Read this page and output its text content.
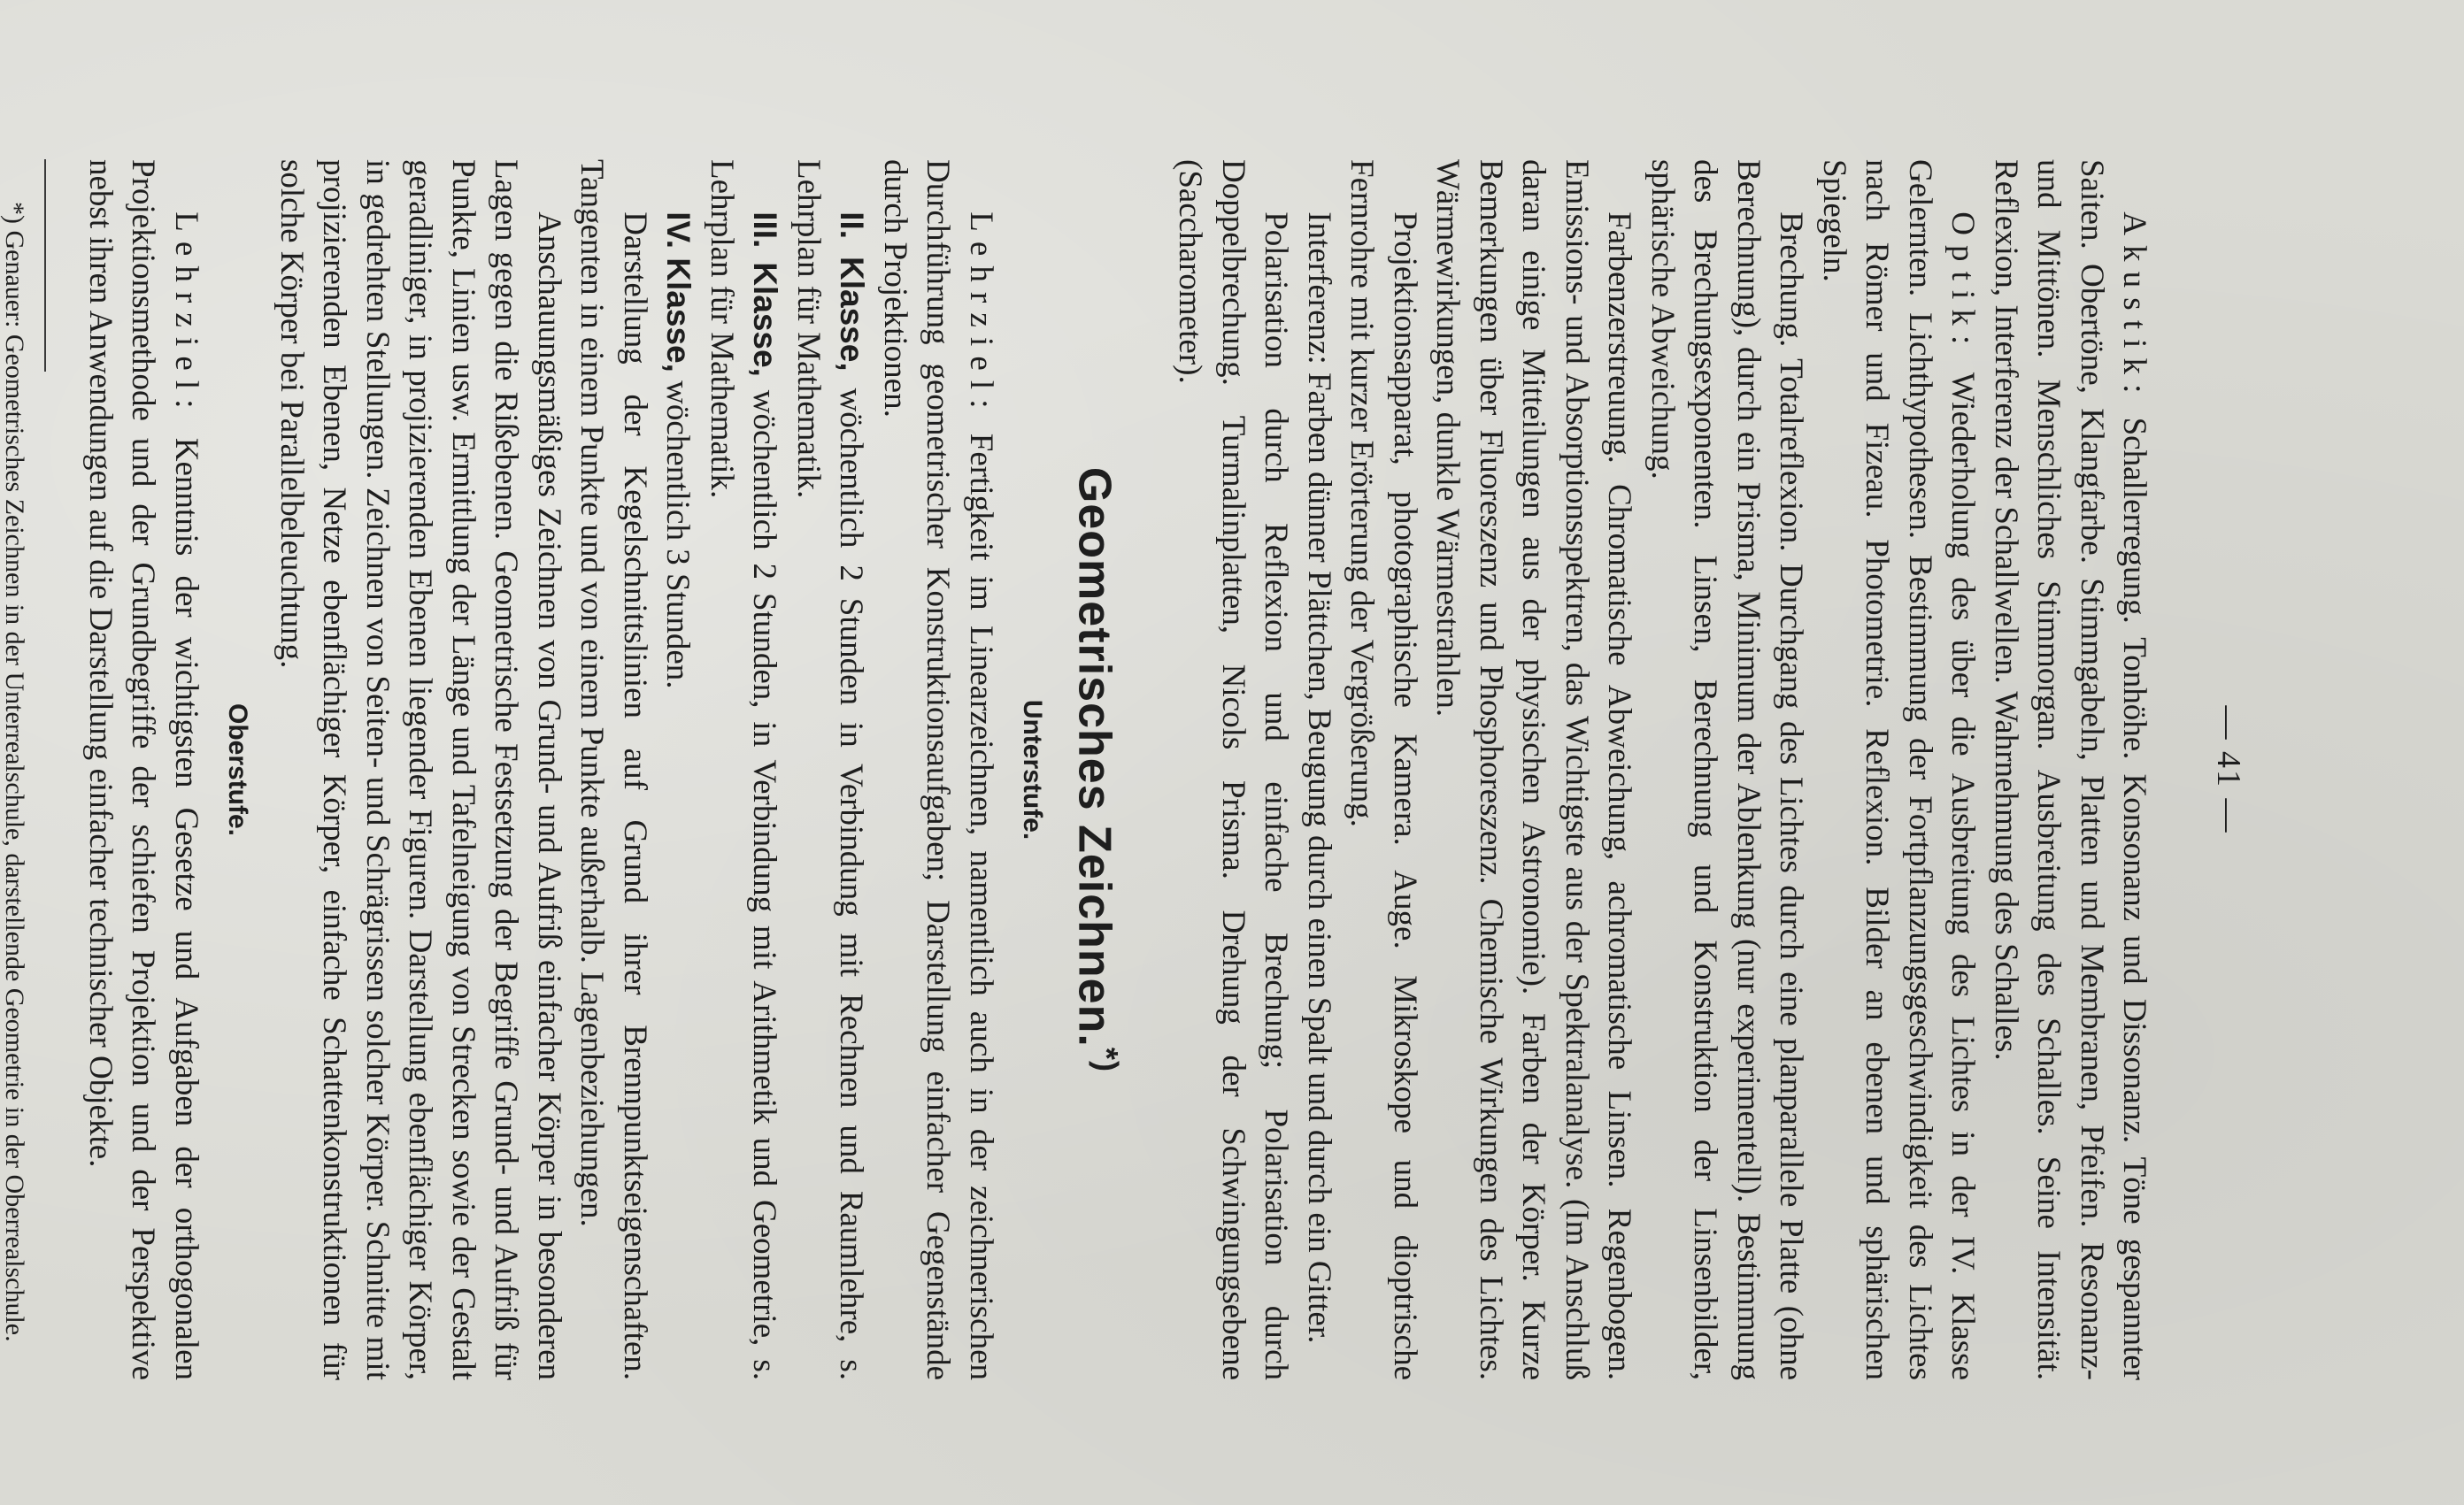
— 41 —

Akustik: Schallerregung. Tonhöhe. Konsonanz und Dissonanz. Töne gespannter Saiten. Obertöne, Klangfarbe. Stimmgabeln, Platten und Membranen, Pfeifen. Resonanz- und Mittönen. Menschliches Stimmorgan. Ausbreitung des Schalles. Seine Intensität. Reflexion, Interferenz der Schallwellen. Wahrnehmung des Schalles.

Optik: Wiederholung des über die Ausbreitung des Lichtes in der IV. Klasse Gelernten. Lichthypothesen. Bestimmung der Fortpflanzungsgeschwindigkeit des Lichtes nach Römer und Fizeau. Photometrie. Reflexion. Bilder an ebenen und sphärischen Spiegeln.

Brechung. Totalreflexion. Durchgang des Lichtes durch eine planparallele Platte (ohne Berechnung), durch ein Prisma, Minimum der Ablenkung (nur experimentell). Bestimmung des Brechungsexponenten. Linsen, Berechnung und Konstruktion der Linsenbilder, sphärische Abweichung.

Farbenzerstreuung. Chromatische Abweichung, achromatische Linsen. Regenbogen. Emissions- und Absorptionsspektren, das Wichtigste aus der Spektralanalyse. (Im Anschluß daran einige Mitteilungen aus der physischen Astronomie). Farben der Körper. Kurze Bemerkungen über Fluoreszenz und Phosphoreszenz. Chemische Wirkungen des Lichtes. Wärmewirkungen, dunkle Wärmestrahlen.

Projektionsapparat, photographische Kamera. Auge. Mikroskope und dioptrische Fernrohre mit kurzer Erörterung der Vergrößerung.

Interferenz: Farben dünner Plättchen, Beugung durch einen Spalt und durch ein Gitter.

Polarisation durch Reflexion und einfache Brechung; Polarisation durch Doppelbrechung. Turmalinplatten, Nicols Prisma. Drehung der Schwingungsebene (Saccharometer).

Geometrisches Zeichnen.*)
Unterstufe.

Lehrziel: Fertigkeit im Linearzeichnen, namentlich auch in der zeichnerischen Durchführung geometrischer Konstruktionsaufgaben; Darstellung einfacher Gegenstände durch Projektionen.

II. Klasse, wöchentlich 2 Stunden in Verbindung mit Rechnen und Raumlehre, s. Lehrplan für Mathematik.

III. Klasse, wöchentlich 2 Stunden, in Verbindung mit Arithmetik und Geometrie, s. Lehrplan für Mathematik.

IV. Klasse, wöchentlich 3 Stunden.

Darstellung der Kegelschnittslinien auf Grund ihrer Brennpunktseigenschaften. Tangenten in einem Punkte und von einem Punkte außerhalb. Lagenbeziehungen.

Anschauungsmäßiges Zeichnen von Grund- und Aufriß einfacher Körper in besonderen Lagen gegen die Rißebenen. Geometrische Festsetzung der Begriffe Grund- und Aufriß für Punkte, Linien usw. Ermittlung der Länge und Tafelneigung von Strecken sowie der Gestalt geradliniger, in projizierenden Ebenen liegender Figuren. Darstellung ebenflächiger Körper, in gedrehten Stellungen. Zeichnen von Seiten- und Schrägrissen solcher Körper. Schnitte mit projizierenden Ebenen, Netze ebenflächiger Körper, einfache Schattenkonstruktionen für solche Körper bei Parallelbeleuchtung.

Oberstufe.

Lehrziel: Kenntnis der wichtigsten Gesetze und Aufgaben der orthogonalen Projektionsmethode und der Grundbegriffe der schiefen Projektion und der Perspektive nebst ihren Anwendungen auf die Darstellung einfacher technischer Objekte.

*) Genauer: Geometrisches Zeichnen in der Unterrealschule, darstellende Geometrie in der Oberrealschule.
